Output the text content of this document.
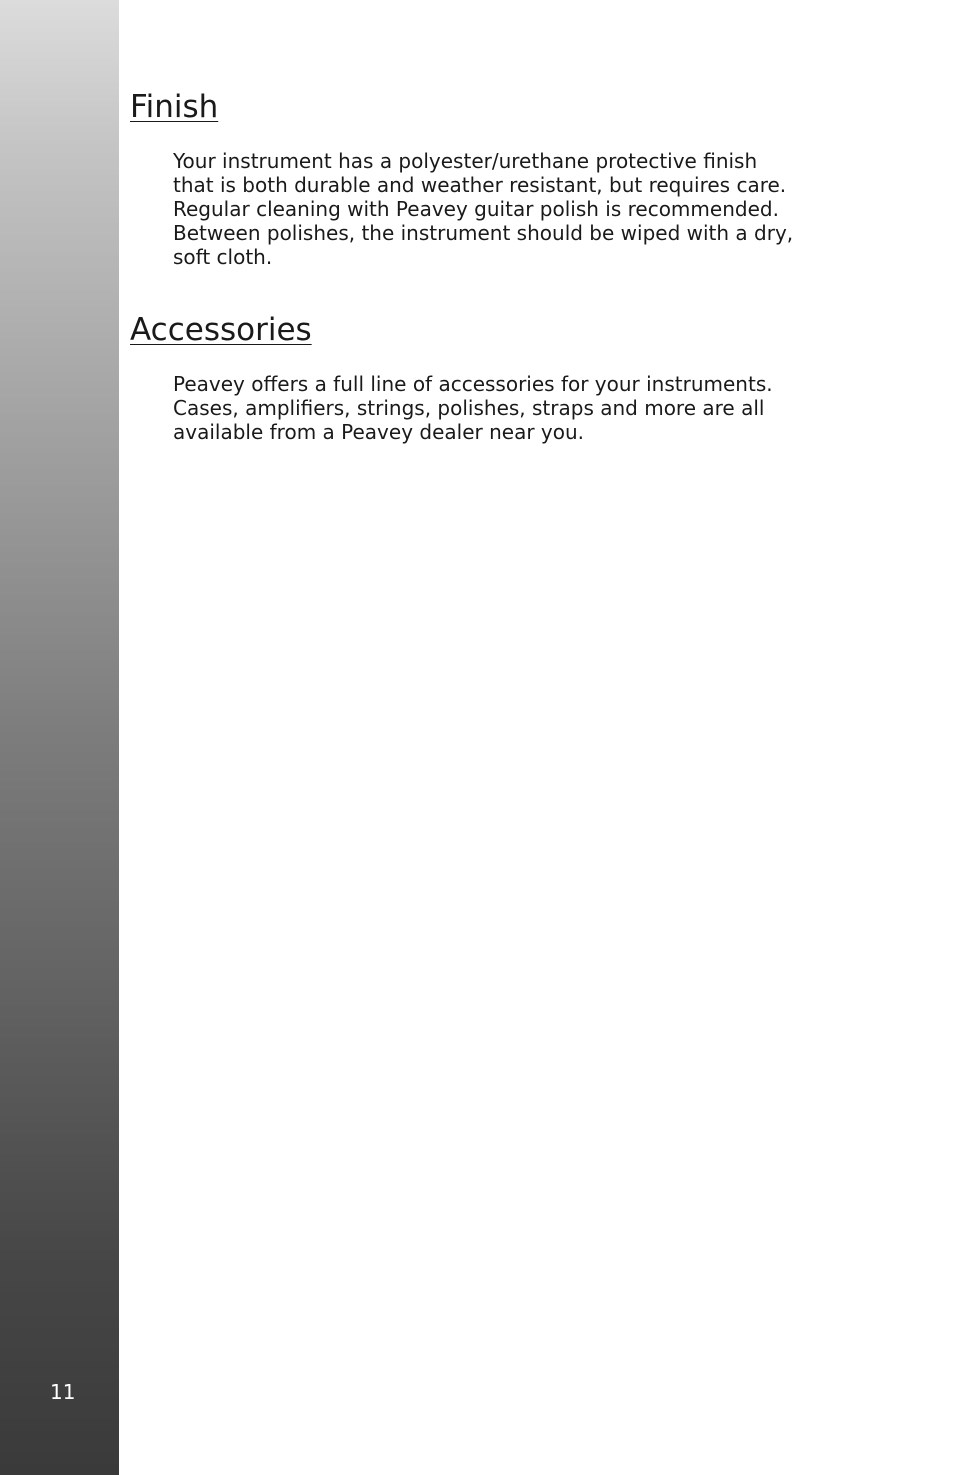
11
Finish
Your instrument has a polyester/urethane protective finish
that is both durable and weather resistant, but requires care.
Regular cleaning with Peavey guitar polish is recommended.
Between polishes, the instrument should be wiped with a dry,
soft cloth.
Accessories
Peavey offers a full line of accessories for your instruments.
Cases, amplifiers, strings, polishes, straps and more are all
available from a Peavey dealer near you.
